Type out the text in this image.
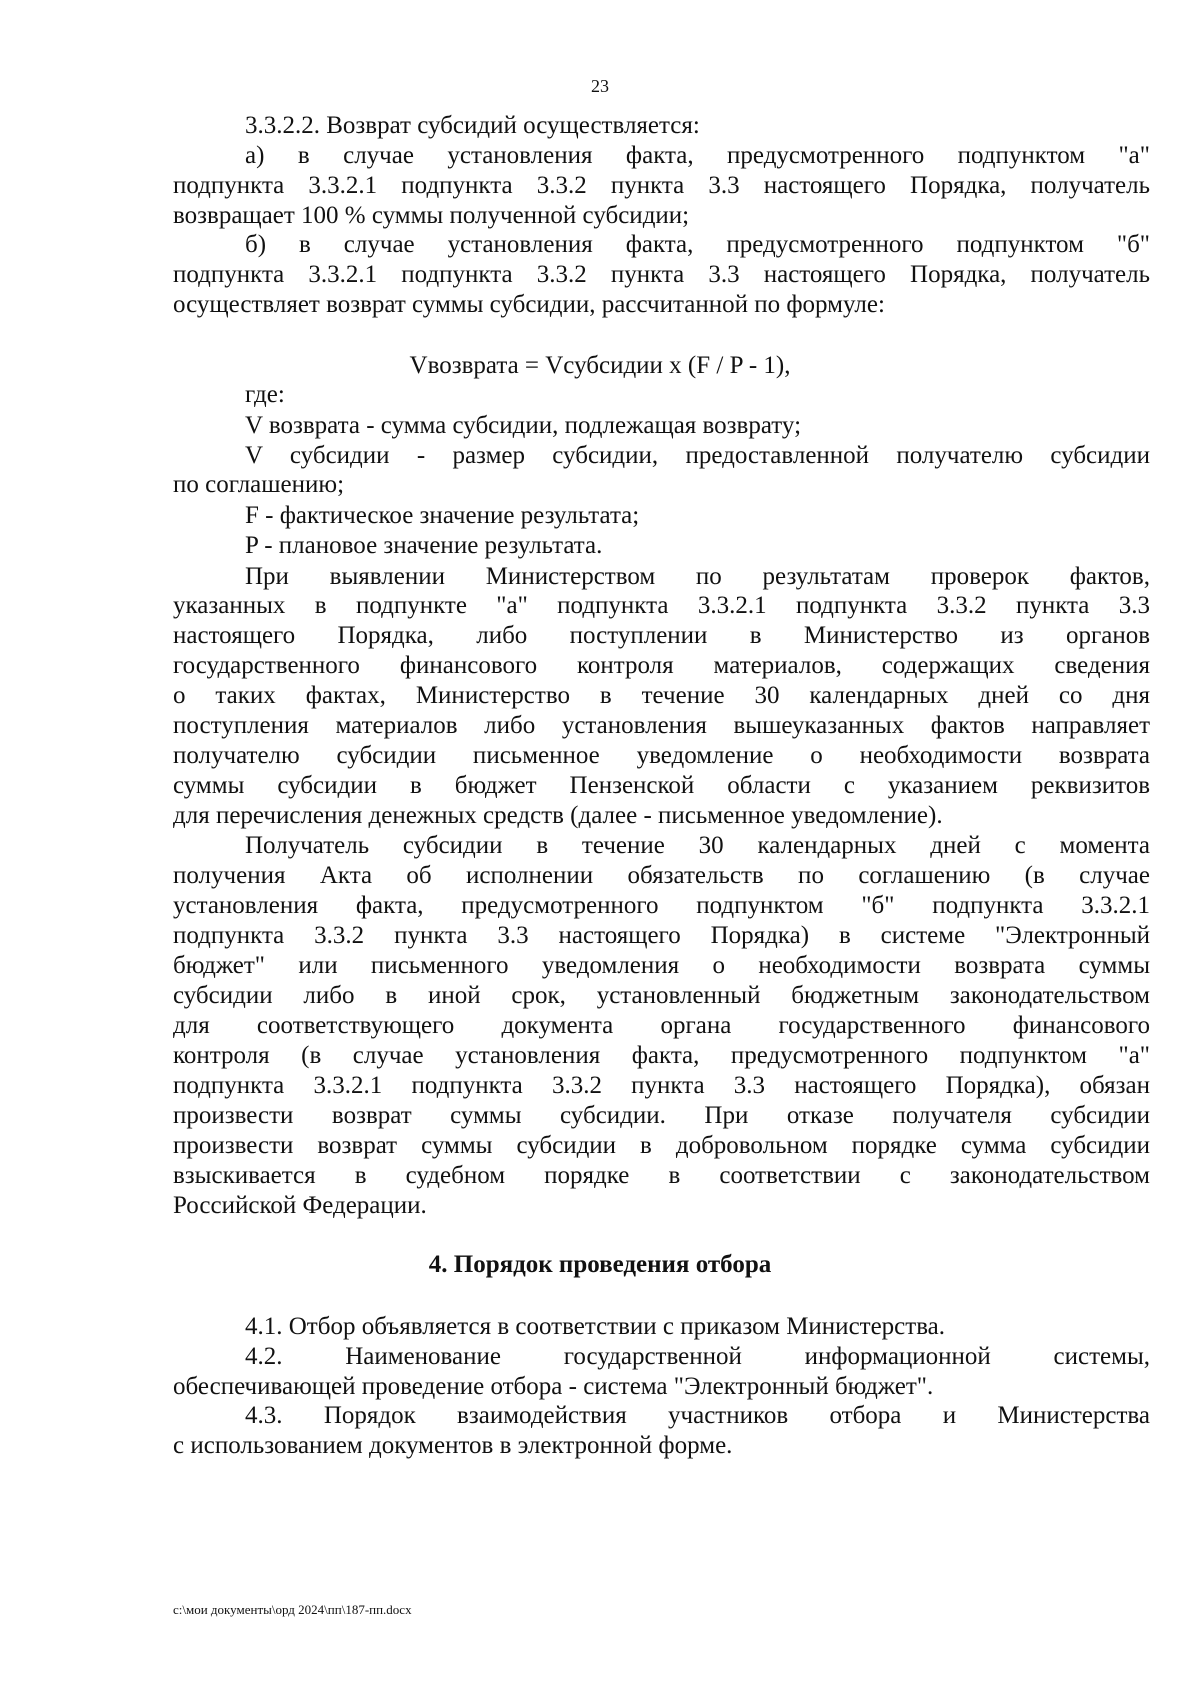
23
3.3.2.2. Возврат субсидий осуществляется:
а) в случае установления факта, предусмотренного подпунктом "а"
подпункта 3.3.2.1 подпункта 3.3.2 пункта 3.3 настоящего Порядка, получатель
возвращает 100 % суммы полученной субсидии;
б) в случае установления факта, предусмотренного подпунктом "б"
подпункта 3.3.2.1 подпункта 3.3.2 пункта 3.3 настоящего Порядка, получатель
осуществляет возврат суммы субсидии, рассчитанной по формуле:
Vвозврата = Vсубсидии x (F / P - 1),
где:
V возврата - сумма субсидии, подлежащая возврату;
V субсидии - размер субсидии, предоставленной получателю субсидии
по соглашению;
F - фактическое значение результата;
P - плановое значение результата.
При выявлении Министерством по результатам проверок фактов,
указанных в подпункте "а" подпункта 3.3.2.1 подпункта 3.3.2 пункта 3.3
настоящего Порядка, либо поступлении в Министерство из органов
государственного финансового контроля материалов, содержащих сведения
о таких фактах, Министерство в течение 30 календарных дней со дня
поступления материалов либо установления вышеуказанных фактов направляет
получателю субсидии письменное уведомление о необходимости возврата
суммы субсидии в бюджет Пензенской области с указанием реквизитов
для перечисления денежных средств (далее - письменное уведомление).
Получатель субсидии в течение 30 календарных дней с момента
получения Акта об исполнении обязательств по соглашению (в случае
установления факта, предусмотренного подпунктом "б" подпункта 3.3.2.1
подпункта 3.3.2 пункта 3.3 настоящего Порядка) в системе "Электронный
бюджет" или письменного уведомления о необходимости возврата суммы
субсидии либо в иной срок, установленный бюджетным законодательством
для соответствующего документа органа государственного финансового
контроля (в случае установления факта, предусмотренного подпунктом "а"
подпункта 3.3.2.1 подпункта 3.3.2 пункта 3.3 настоящего Порядка), обязан
произвести возврат суммы субсидии. При отказе получателя субсидии
произвести возврат суммы субсидии в добровольном порядке сумма субсидии
взыскивается в судебном порядке в соответствии с законодательством
Российской Федерации.
4. Порядок проведения отбора
4.1. Отбор объявляется в соответствии с приказом Министерства.
4.2. Наименование государственной информационной системы,
обеспечивающей проведение отбора - система "Электронный бюджет".
4.3. Порядок взаимодействия участников отбора и Министерства
с использованием документов в электронной форме.
c:\мои документы\орд 2024\пп\187-пп.docx
